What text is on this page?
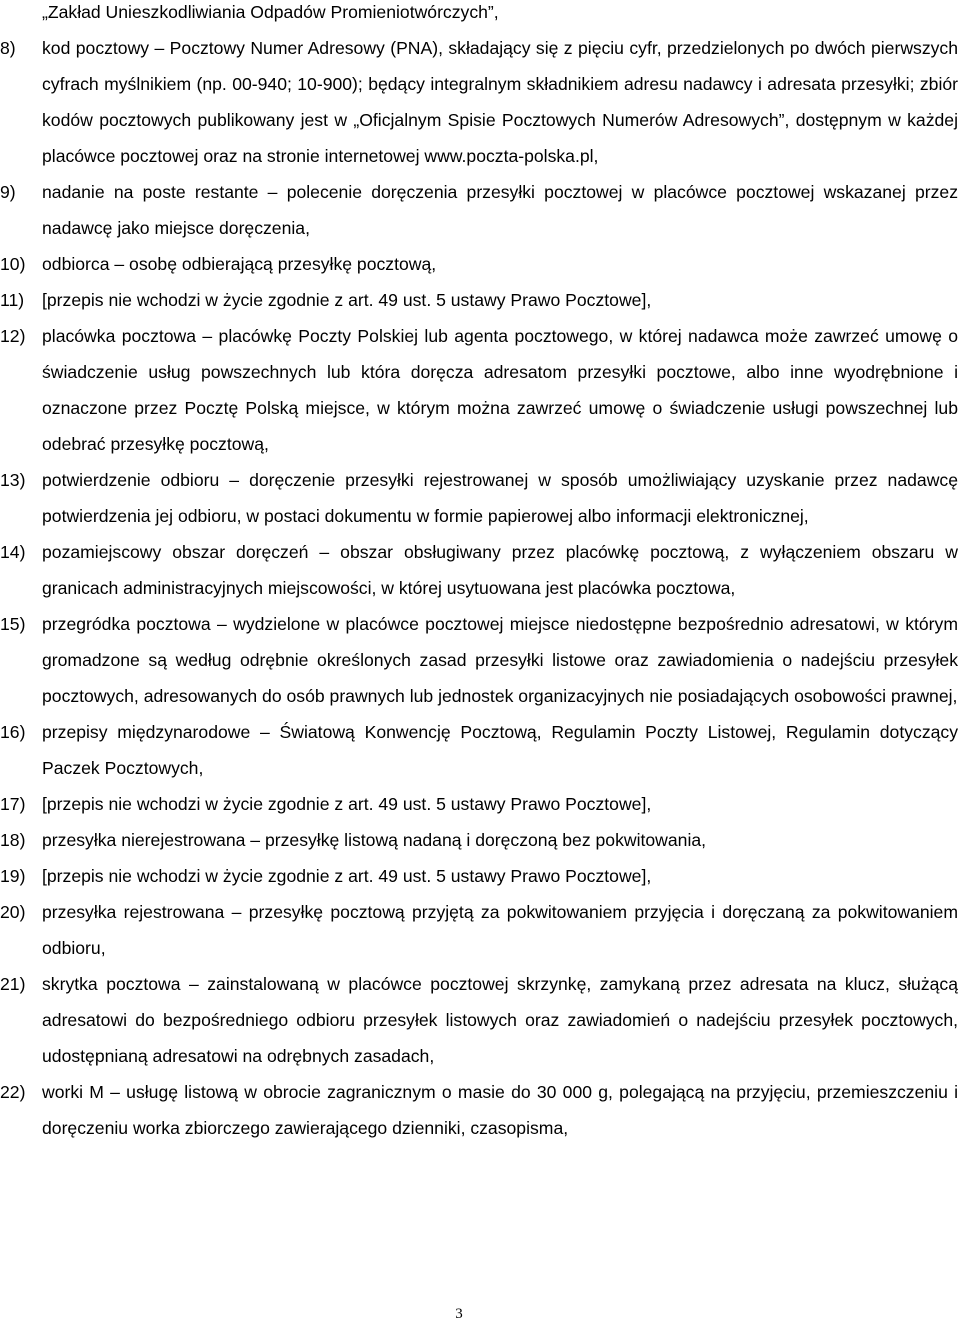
„Zakład Unieszkodliwiania Odpadów Promieniotwórczych”,
8)	kod pocztowy – Pocztowy Numer Adresowy (PNA), składający się z pięciu cyfr, przedzielonych po dwóch pierwszych cyfrach myślnikiem (np. 00-940; 10-900); będący integralnym składnikiem adresu nadawcy i adresata przesyłki; zbiór kodów pocztowych publikowany jest w „Oficjalnym Spisie Pocztowych Numerów Adresowych”, dostępnym w każdej placówce pocztowej oraz na stronie internetowej www.poczta-polska.pl,
9)	nadanie na poste restante – polecenie doręczenia przesyłki pocztowej w placówce pocztowej wskazanej przez nadawcę jako miejsce doręczenia,
10) odbiorca – osobę odbierającą przesyłkę pocztową,
11)	[przepis nie wchodzi w życie zgodnie z art. 49 ust. 5 ustawy Prawo Pocztowe],
12) placówka pocztowa – placówkę Poczty Polskiej lub agenta pocztowego, w której nadawca może zawrzeć umowę o świadczenie usług powszechnych lub która doręcza adresatom przesyłki pocztowe, albo inne wyodrębnione i oznaczone przez Pocztę Polską miejsce, w którym można zawrzeć umowę o świadczenie usługi powszechnej lub odebrać przesyłkę pocztową,
13) potwierdzenie odbioru – doręczenie przesyłki rejestrowanej w sposób umożliwiający uzyskanie przez nadawcę potwierdzenia jej odbioru, w postaci dokumentu w formie papierowej albo informacji elektronicznej,
14) pozamiejscowy obszar doręczeń – obszar obsługiwany przez placówkę pocztową, z wyłączeniem obszaru w granicach administracyjnych miejscowości, w której usytuowana jest placówka pocztowa,
15) przegródka pocztowa – wydzielone w placówce pocztowej miejsce niedostępne bezpośrednio adresatowi, w którym gromadzone są według odrębnie określonych zasad przesyłki listowe oraz zawiadomienia o nadejściu przesyłek pocztowych, adresowanych do osób prawnych lub jednostek organizacyjnych nie posiadających osobowości prawnej,
16) przepisy międzynarodowe – Światową Konwencję Pocztową, Regulamin Poczty Listowej, Regulamin dotyczący Paczek Pocztowych,
17) [przepis nie wchodzi w życie zgodnie z art. 49 ust. 5 ustawy Prawo Pocztowe],
18) przesyłka nierejestrowana – przesyłkę listową nadaną i doręczoną bez pokwitowania,
19) [przepis nie wchodzi w życie zgodnie z art. 49 ust. 5 ustawy Prawo Pocztowe],
20) przesyłka rejestrowana – przesyłkę pocztową przyjętą za pokwitowaniem przyjęcia i doręczaną za pokwitowaniem odbioru,
21) skrytka pocztowa – zainstalowaną w placówce pocztowej skrzynkę, zamykaną przez adresata na klucz, służącą adresatowi do bezpośredniego odbioru przesyłek listowych oraz zawiadomień o nadejściu przesyłek pocztowych, udostępnianą adresatowi na odrębnych zasadach,
22) worki M – usługę listową w obrocie zagranicznym o masie do 30 000 g, polegającą na przyjęciu, przemieszczeniu i doręczeniu worka zbiorczego zawierającego dzienniki, czasopisma,
3
